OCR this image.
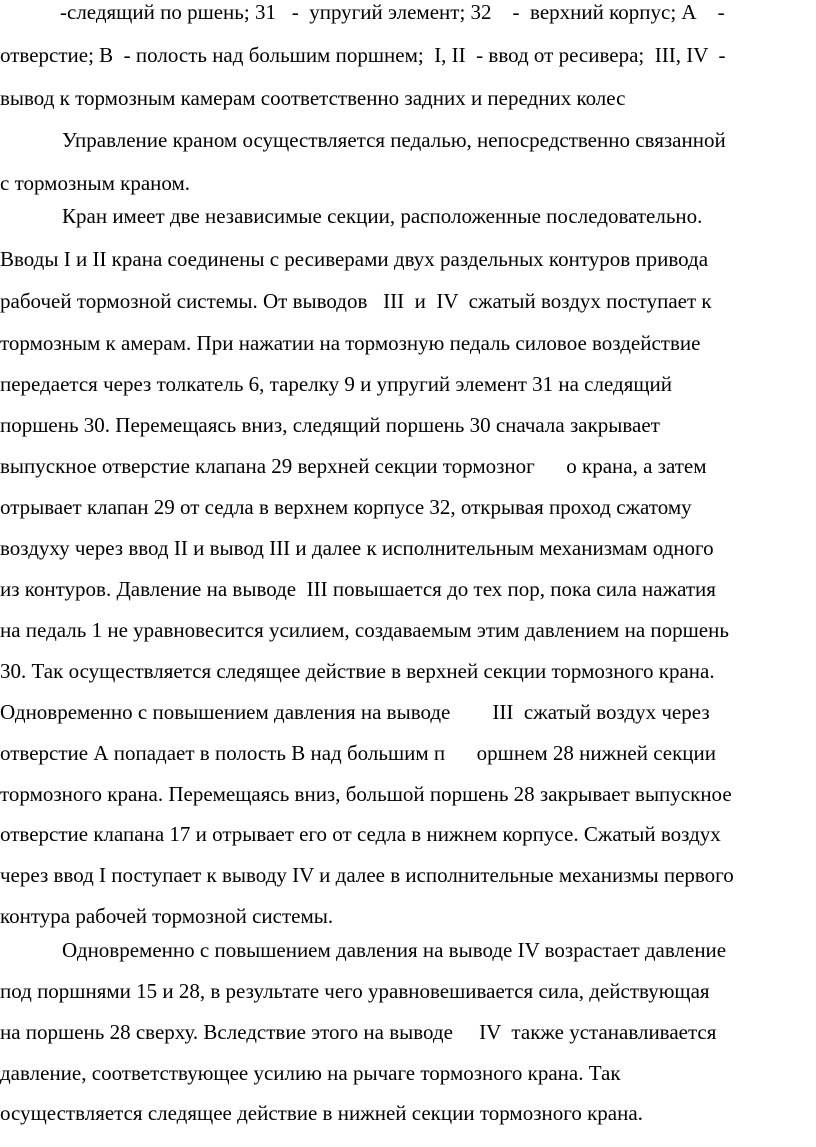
-следящий по ршень; 31   -  упругий элемент; 32    -  верхний корпус; А    -
отверстие; В  - полость над большим поршнем;  I, II  - ввод от ресивера;  III, IV  -
вывод к тормозным камерам соответственно задних и передних колес
Управление краном осуществляется педалью, непосредственно связанной
с тормозным краном.
Кран имеет две независимые секции, расположенные последовательно.
Вводы I и II крана соединены с ресиверами двух раздельных контуров привода
рабочей тормозной системы. От выводов   III  и  IV  сжатый воздух поступает к
тормозным к амерам. При нажатии на тормозную педаль силовое воздействие
передается через толкатель 6, тарелку 9 и упругий элемент 31 на следящий
поршень 30. Перемещаясь вниз, следящий поршень 30 сначала закрывает
выпускное отверстие клапана 29 верхней секции тормозног      о крана, а затем
отрывает клапан 29 от седла в верхнем корпусе 32, открывая проход сжатому
воздуху через ввод II и вывод III и далее к исполнительным механизмам одного
из контуров. Давление на выводе  III повышается до тех пор, пока сила нажатия
на педаль 1 не уравновесится усилием, создаваемым этим давлением на поршень
30. Так осуществляется следящее действие в верхней секции тормозного крана.
Одновременно с повышением давления на выводе        III  сжатый воздух через
отверстие А попадает в полость В над большим п      оршнем 28 нижней секции
тормозного крана. Перемещаясь вниз, большой поршень 28 закрывает выпускное
отверстие клапана 17 и отрывает его от седла в нижнем корпусе. Сжатый воздух
через ввод I поступает к выводу IV и далее в исполнительные механизмы первого
контура рабочей тормозной системы.
Одновременно с повышением давления на выводе IV возрастает давление
под поршнями 15 и 28, в результате чего уравновешивается сила, действующая
на поршень 28 сверху. Вследствие этого на выводе     IV  также устанавливается
давление, соответствующее усилию на рычаге тормозного крана. Так
осуществляется следящее действие в нижней секции тормозного крана.
